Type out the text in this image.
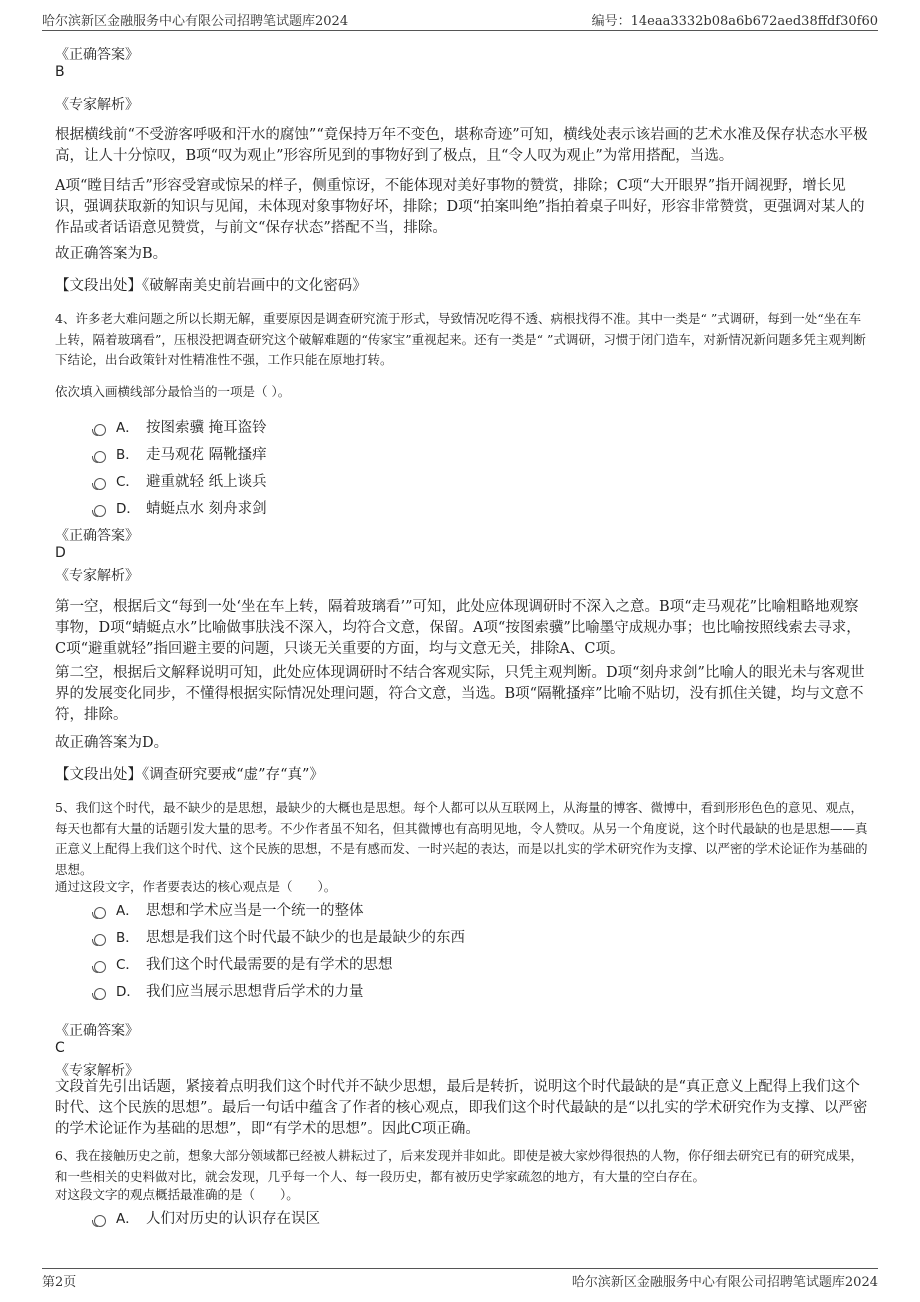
哈尔滨新区金融服务中心有限公司招聘笔试题库2024	编号：14eaa3332b08a6b672aed38ffdf30f60
《正确答案》
B
《专家解析》
根据横线前“不受游客呼吸和汗水的腐蚀”“竟保持万年不变色，堪称奇迹”可知，横线处表示该岩画的艺术水准及保存状态水平极高，让人十分惊叹，B项“叹为观止”形容所见到的事物好到了极点，且“令人叹为观止”为常用搭配，当选。
A项“瞠目结舌”形容受窘或惊呆的样子，侧重惊讶，不能体现对美好事物的赞赏，排除；C项“大开眼界”指开阔视野，增长见识，强调获取新的知识与见闻，未体现对象事物好坏，排除；D项“拍案叫绝”指拍着桌子叫好，形容非常赞赏，更强调对某人的作品或者话语意见赞赏，与前文“保存状态”搭配不当，排除。
故正确答案为B。
【文段出处】《破解南美史前岩画中的文化密码》
4、许多老大难问题之所以长期无解，重要原因是调查研究流于形式，导致情况吃得不透、病根找得不准。其中一类是“ ”式调研，每到一处“坐在车上转，隔着玻璃看”，压根没把调查研究这个破解难题的“传家宝”重视起来。还有一类是“ ”式调研，习惯于闭门造车，对新情况新问题多凭主观判断下结论，出台政策针对性精准性不强，工作只能在原地打转。
依次填入画横线部分最恰当的一项是（ ）。
A． 按图索骥 掩耳盗铃
B． 走马观花 隔靴搔痒
C． 避重就轻 纸上谈兵
D． 蜻蜓点水 刻舟求剑
《正确答案》
D
《专家解析》
第一空，根据后文“每到一处‘坐在车上转，隔着玻璃看’”可知，此处应体现调研时不深入之意。B项“走马观花”比喻粗略地观察事物，D项“蜻蜓点水”比喻做事肤浅不深入，均符合文意，保留。A项“按图索骥”比喻墨守成规办事；也比喻按照线索去寻求，C项“避重就轻”指回避主要的问题，只谈无关重要的方面，均与文意无关，排除A、C项。
第二空，根据后文解释说明可知，此处应体现调研时不结合客观实际，只凭主观判断。D项“刻舟求剑”比喻人的眼光未与客观世界的发展变化同步，不懂得根据实际情况处理问题，符合文意，当选。B项“隔靴搔痒”比喻不贴切，没有抓住关键，均与文意不符，排除。
故正确答案为D。
【文段出处】《调查研究要戒“虚”存“真”》
5、我们这个时代，最不缺少的是思想，最缺少的大概也是思想。每个人都可以从互联网上，从海量的博客、微博中，看到形形色色的意见、观点，每天也都有大量的话题引发大量的思考。不少作者虽不知名，但其微博也有高明见地，令人赞叹。从另一个角度说，这个时代最缺的也是思想——真正意义上配得上我们这个时代、这个民族的思想，不是有感而发、一时兴起的表达，而是以扎实的学术研究作为支撑、以严密的学术论证作为基础的思想。
通过这段文字，作者要表达的核心观点是（　　）。
A． 思想和学术应当是一个统一的整体
B． 思想是我们这个时代最不缺少的也是最缺少的东西
C． 我们这个时代最需要的是有学术的思想
D． 我们应当展示思想背后学术的力量
《正确答案》
C
《专家解析》
文段首先引出话题，紧接着点明我们这个时代并不缺少思想，最后是转折，说明这个时代最缺的是“真正意义上配得上我们这个时代、这个民族的思想”。最后一句话中蕴含了作者的核心观点，即我们这个时代最缺的是“以扎实的学术研究作为支撑、以严密的学术论证作为基础的思想”，即“有学术的思想”。因此C项正确。
6、我在接触历史之前，想象大部分领域都已经被人耕耘过了，后来发现并非如此。即使是被大家炒得很热的人物，你仔细去研究已有的研究成果，和一些相关的史料做对比，就会发现，几乎每一个人、每一段历史，都有被历史学家疏忽的地方，有大量的空白存在。
对这段文字的观点概括最准确的是（　　）。
A． 人们对历史的认识存在误区
第2页	哈尔滨新区金融服务中心有限公司招聘笔试题库2024
